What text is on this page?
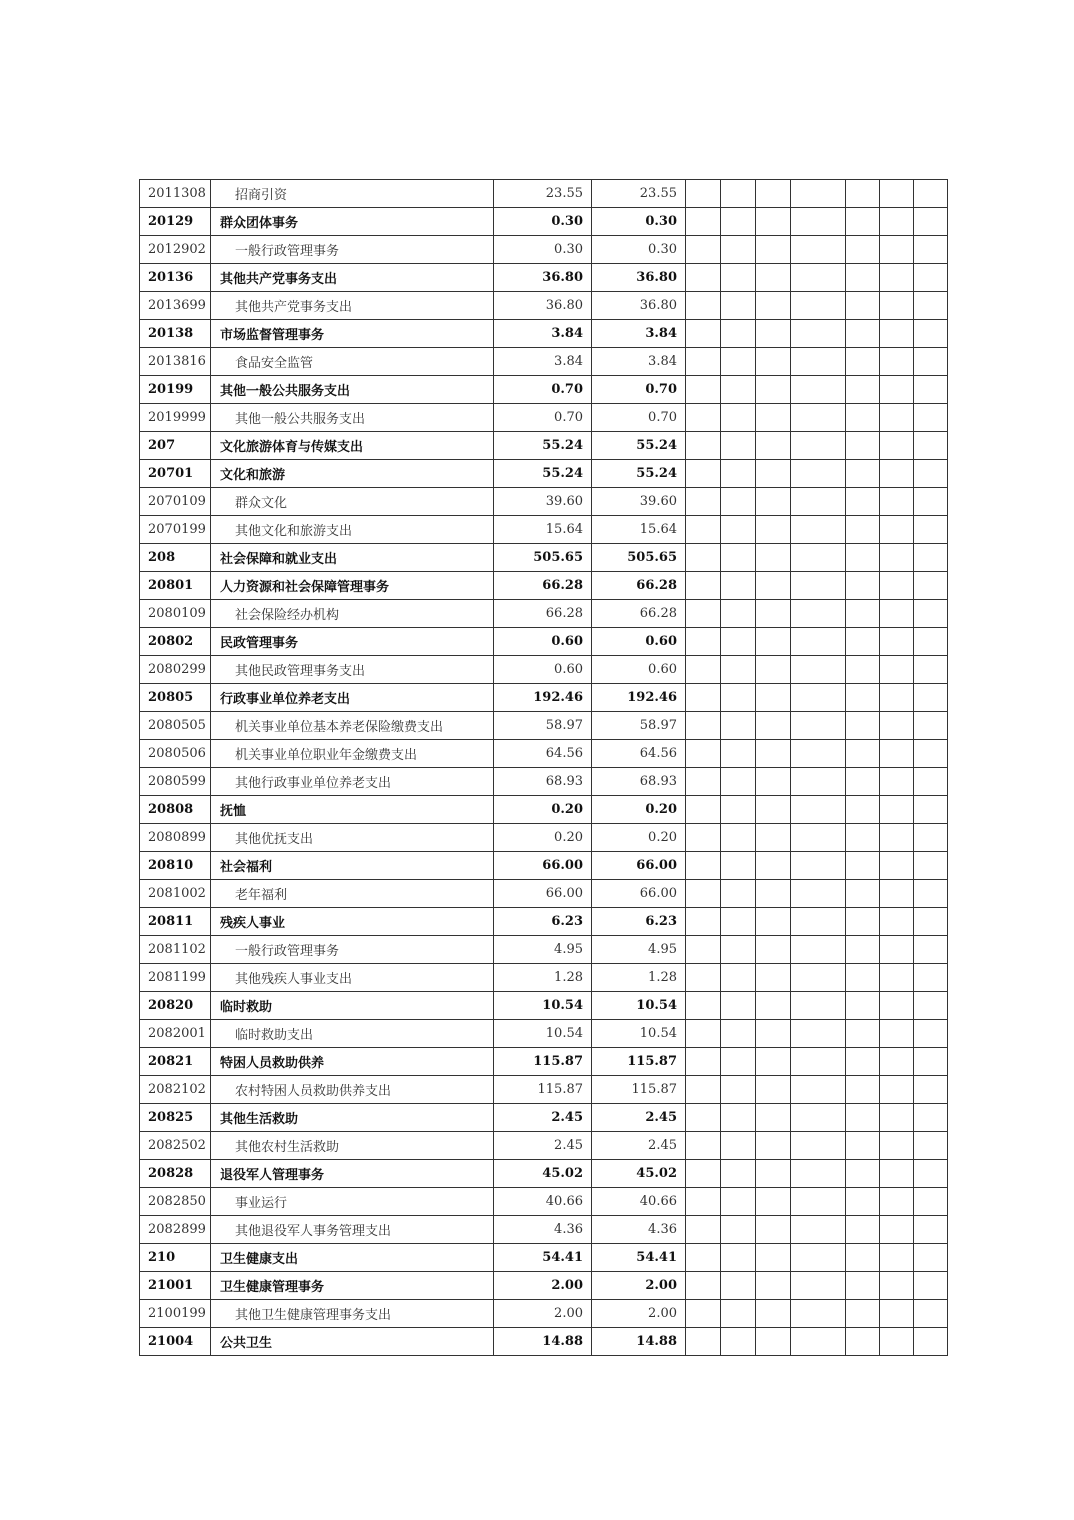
2011308	招商引资	23.55	23.55							
20129	群众团体事务	0.30	0.30							
2012902	一般行政管理事务	0.30	0.30							
20136	其他共产党事务支出	36.80	36.80							
2013699	其他共产党事务支出	36.80	36.80							
20138	市场监督管理事务	3.84	3.84							
2013816	食品安全监管	3.84	3.84							
20199	其他一般公共服务支出	0.70	0.70							
2019999	其他一般公共服务支出	0.70	0.70							
207	文化旅游体育与传媒支出	55.24	55.24							
20701	文化和旅游	55.24	55.24							
2070109	群众文化	39.60	39.60							
2070199	其他文化和旅游支出	15.64	15.64							
208	社会保障和就业支出	505.65	505.65							
20801	人力资源和社会保障管理事务	66.28	66.28							
2080109	社会保险经办机构	66.28	66.28							
20802	民政管理事务	0.60	0.60							
2080299	其他民政管理事务支出	0.60	0.60							
20805	行政事业单位养老支出	192.46	192.46							
2080505	机关事业单位基本养老保险缴费支出	58.97	58.97							
2080506	机关事业单位职业年金缴费支出	64.56	64.56							
2080599	其他行政事业单位养老支出	68.93	68.93							
20808	抚恤	0.20	0.20							
2080899	其他优抚支出	0.20	0.20							
20810	社会福利	66.00	66.00							
2081002	老年福利	66.00	66.00							
20811	残疾人事业	6.23	6.23							
2081102	一般行政管理事务	4.95	4.95							
2081199	其他残疾人事业支出	1.28	1.28							
20820	临时救助	10.54	10.54							
2082001	临时救助支出	10.54	10.54							
20821	特困人员救助供养	115.87	115.87							
2082102	农村特困人员救助供养支出	115.87	115.87							
20825	其他生活救助	2.45	2.45							
2082502	其他农村生活救助	2.45	2.45							
20828	退役军人管理事务	45.02	45.02							
2082850	事业运行	40.66	40.66							
2082899	其他退役军人事务管理支出	4.36	4.36							
210	卫生健康支出	54.41	54.41							
21001	卫生健康管理事务	2.00	2.00							
2100199	其他卫生健康管理事务支出	2.00	2.00							
21004	公共卫生	14.88	14.88							
